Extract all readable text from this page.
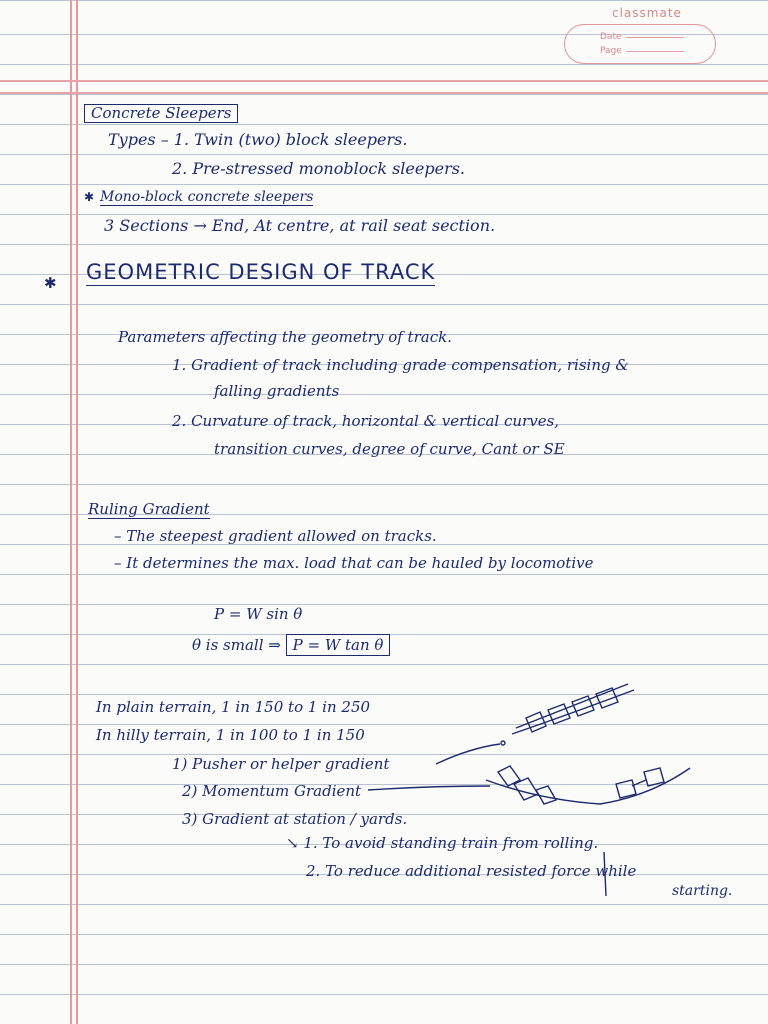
classmate
Date
Page
Concrete Sleepers
Types – 1. Twin (two) block sleepers.
2. Pre-stressed monoblock sleepers.
✱ Mono-block concrete sleepers
3 Sections → End, At centre, at rail seat section.
✱ GEOMETRIC DESIGN OF TRACK
Parameters affecting the geometry of track.
1. Gradient of track including grade compensation, rising &
falling gradients
2. Curvature of track, horizontal & vertical curves,
transition curves, degree of curve, Cant or SE
Ruling Gradient
– The steepest gradient allowed on tracks.
– It determines the max. load that can be hauled by locomotive
P = W sin θ
θ is small ⇒ P = W tan θ
In plain terrain, 1 in 150 to 1 in 250
In hilly terrain, 1 in 100 to 1 in 150
1) Pusher or helper gradient
2) Momentum Gradient
3) Gradient at station / yards.
↘ 1. To avoid standing train from rolling.
2. To reduce additional resisted force while
starting.
